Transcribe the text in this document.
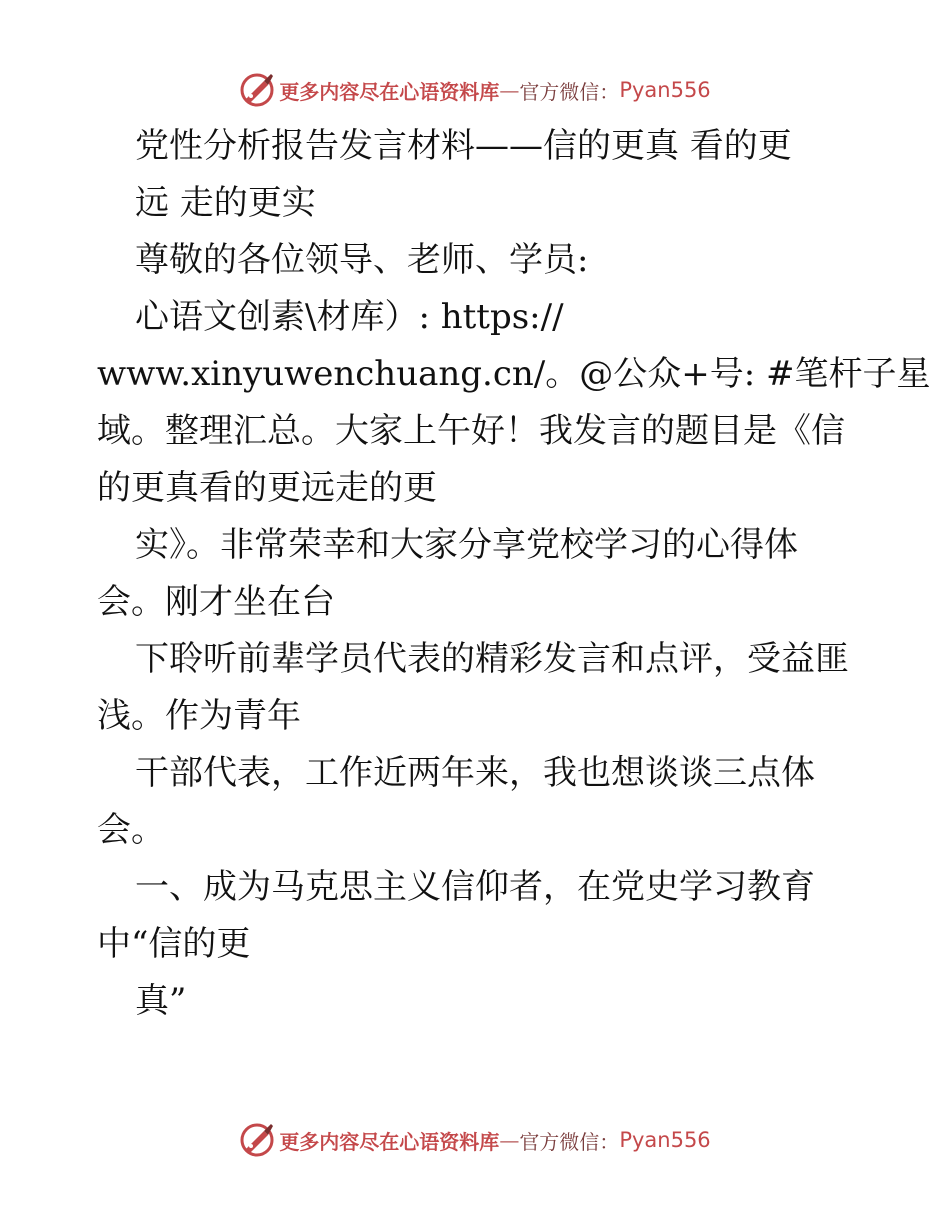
更多内容尽在心语资料库 — 官方微信： Pyan556
党性分析报告发言材料——信的更真 看的更
远 走的更实
尊敬的各位领导、老师、学员:
心语文创素\材库）: https://
www.xinyuwenchuang.cn/。@公众+号: #笔杆子星
域。整理汇总。大家上午好！我发言的题目是《信
的更真看的更远走的更
实》。非常荣幸和大家分享党校学习的心得体
会。刚才坐在台
下聆听前辈学员代表的精彩发言和点评，受益匪
浅。作为青年
干部代表，工作近两年来，我也想谈谈三点体
会。
一、成为马克思主义信仰者，在党史学习教育
中“信的更
真”
更多内容尽在心语资料库 — 官方微信： Pyan556
